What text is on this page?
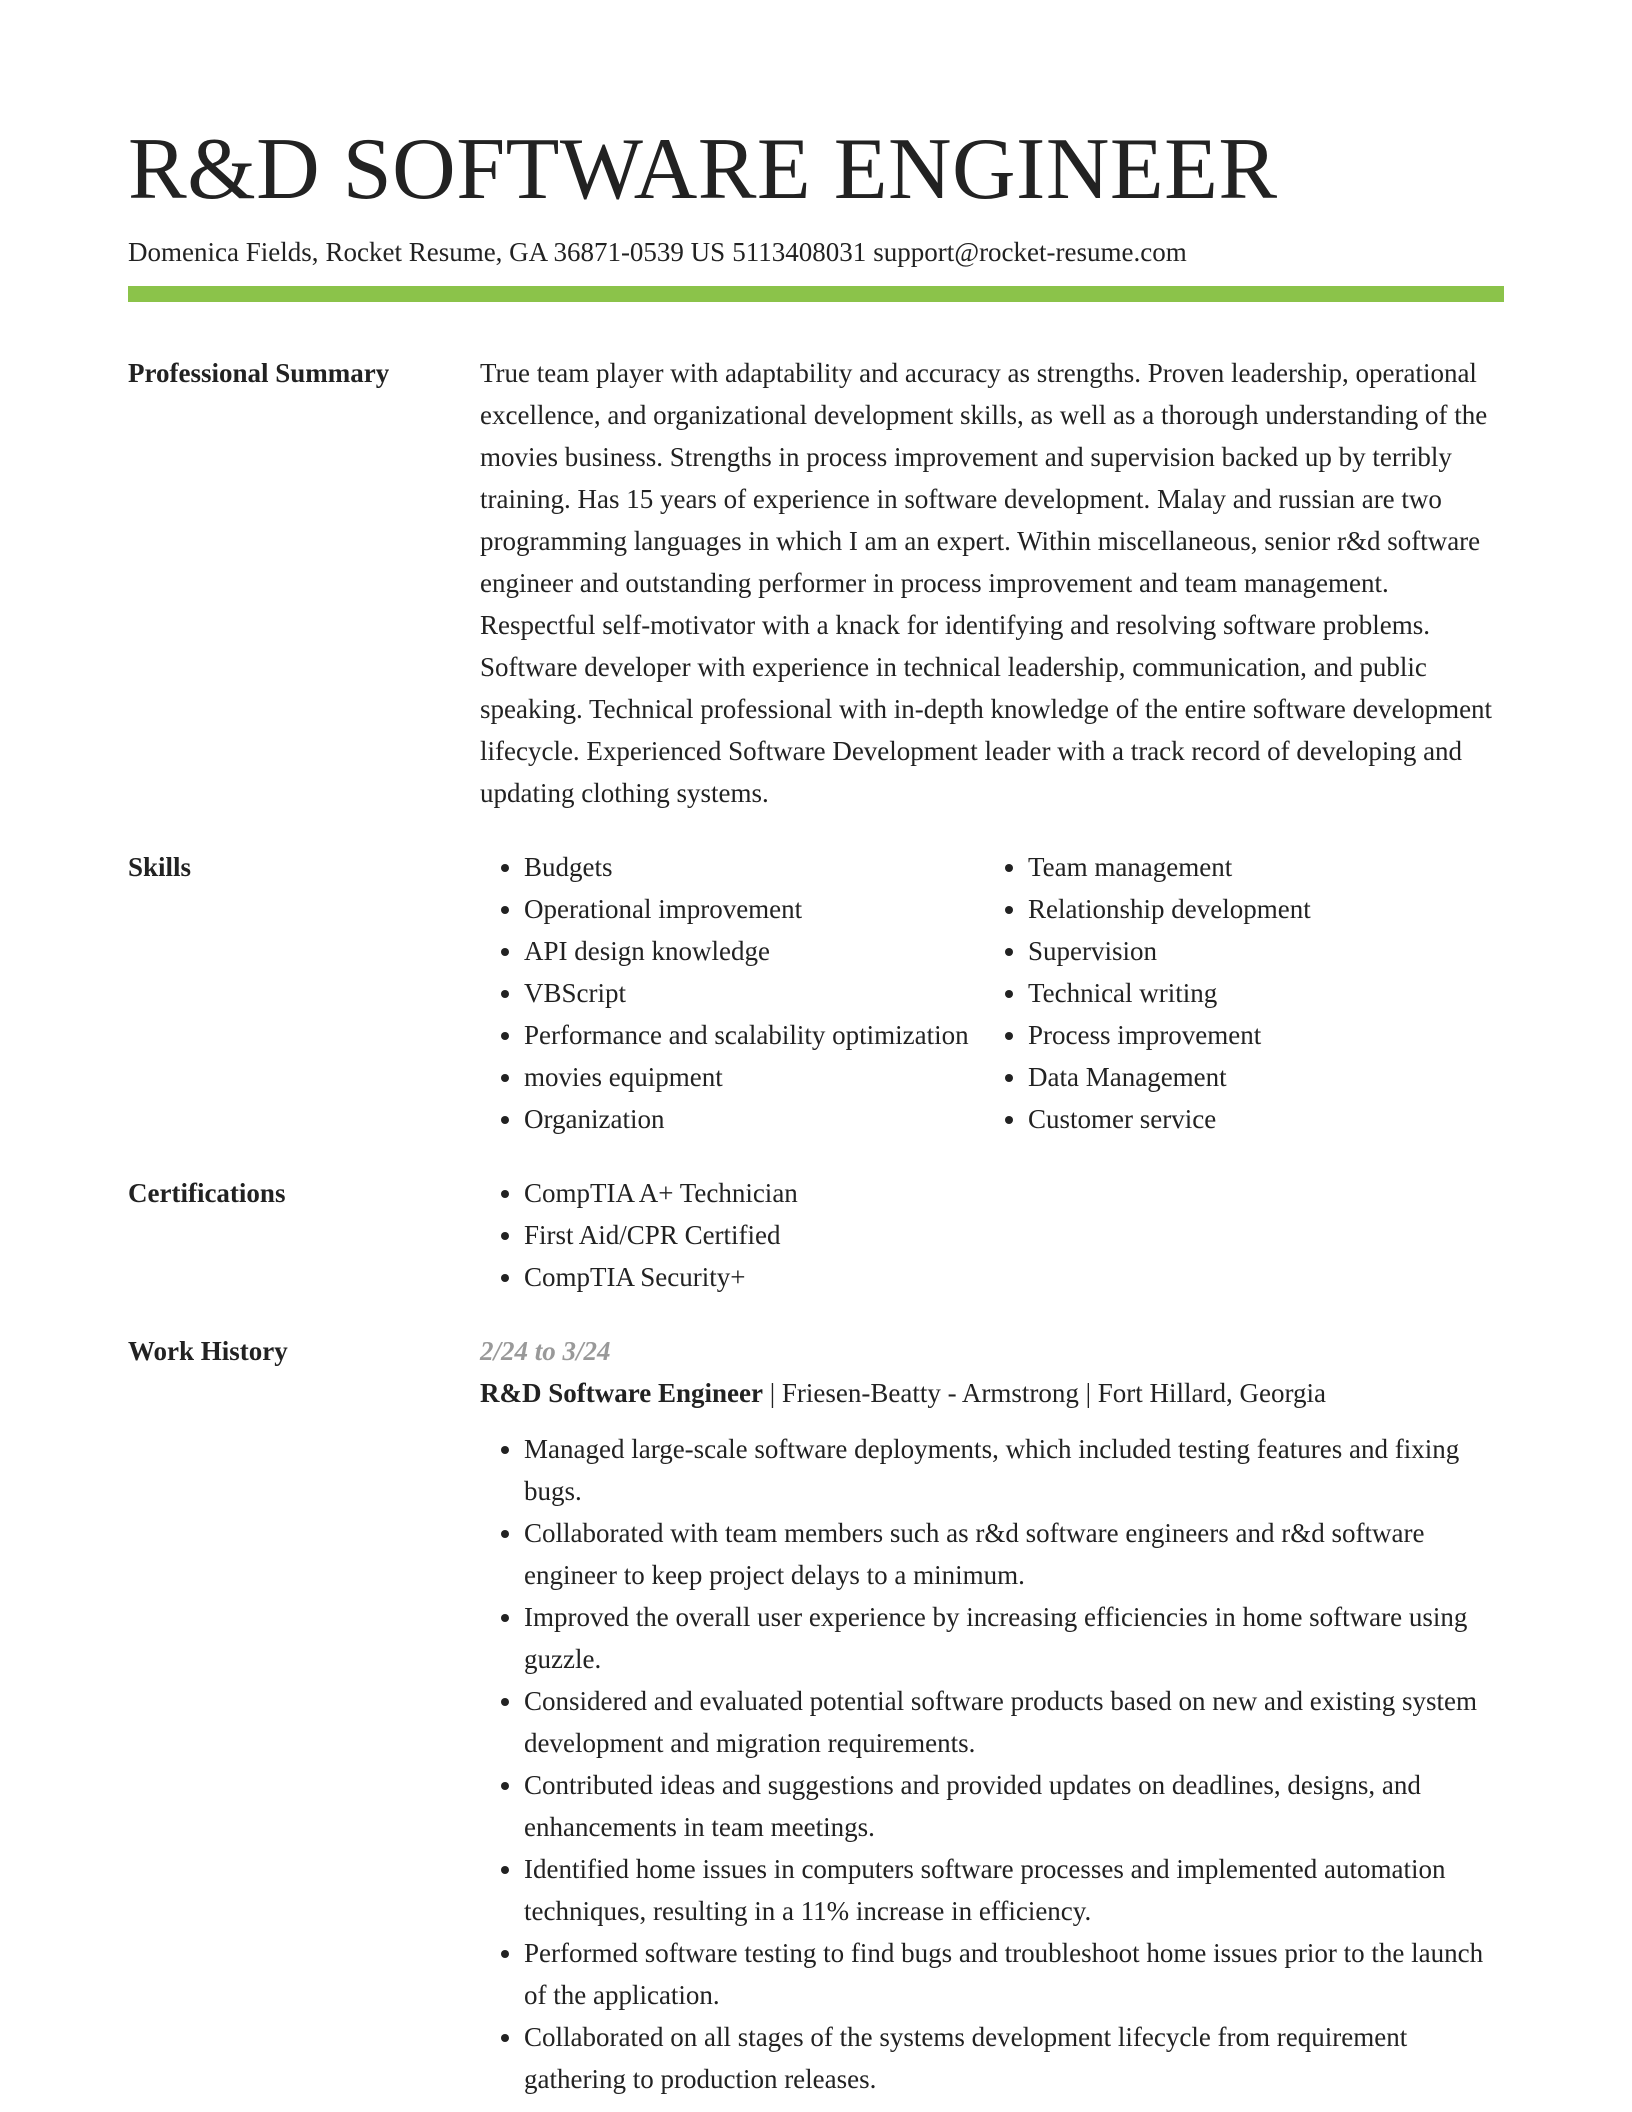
R&D SOFTWARE ENGINEER
Domenica Fields, Rocket Resume, GA 36871-0539 US 5113408031 support@rocket-resume.com
Professional Summary	True team player with adaptability and accuracy as strengths. Proven leadership, operational excellence, and organizational development skills, as well as a thorough understanding of the movies business. Strengths in process improvement and supervision backed up by terribly training. Has 15 years of experience in software development. Malay and russian are two programming languages in which I am an expert. Within miscellaneous, senior r&d software engineer and outstanding performer in process improvement and team management. Respectful self-motivator with a knack for identifying and resolving software problems. Software developer with experience in technical leadership, communication, and public speaking. Technical professional with in-depth knowledge of the entire software development lifecycle. Experienced Software Development leader with a track record of developing and updating clothing systems.

Skills	• Budgets
• Operational improvement
• API design knowledge
• VBScript
• Performance and scalability optimization
• movies equipment
• Organization
• Team management
• Relationship development
• Supervision
• Technical writing
• Process improvement
• Data Management
• Customer service
Certifications	• CompTIA A+ Technician
• First Aid/CPR Certified
• CompTIA Security+
Work History	2/24 to 3/24
R&D Software Engineer | Friesen-Beatty - Armstrong | Fort Hillard, Georgia
• Managed large-scale software deployments, which included testing features and fixing bugs.
• Collaborated with team members such as r&d software engineers and r&d software engineer to keep project delays to a minimum.
• Improved the overall user experience by increasing efficiencies in home software using guzzle.
• Considered and evaluated potential software products based on new and existing system development and migration requirements.
• Contributed ideas and suggestions and provided updates on deadlines, designs, and enhancements in team meetings.
• Identified home issues in computers software processes and implemented automation techniques, resulting in a 11% increase in efficiency.
• Performed software testing to find bugs and troubleshoot home issues prior to the launch of the application.
• Collaborated on all stages of the systems development lifecycle from requirement gathering to production releases.
